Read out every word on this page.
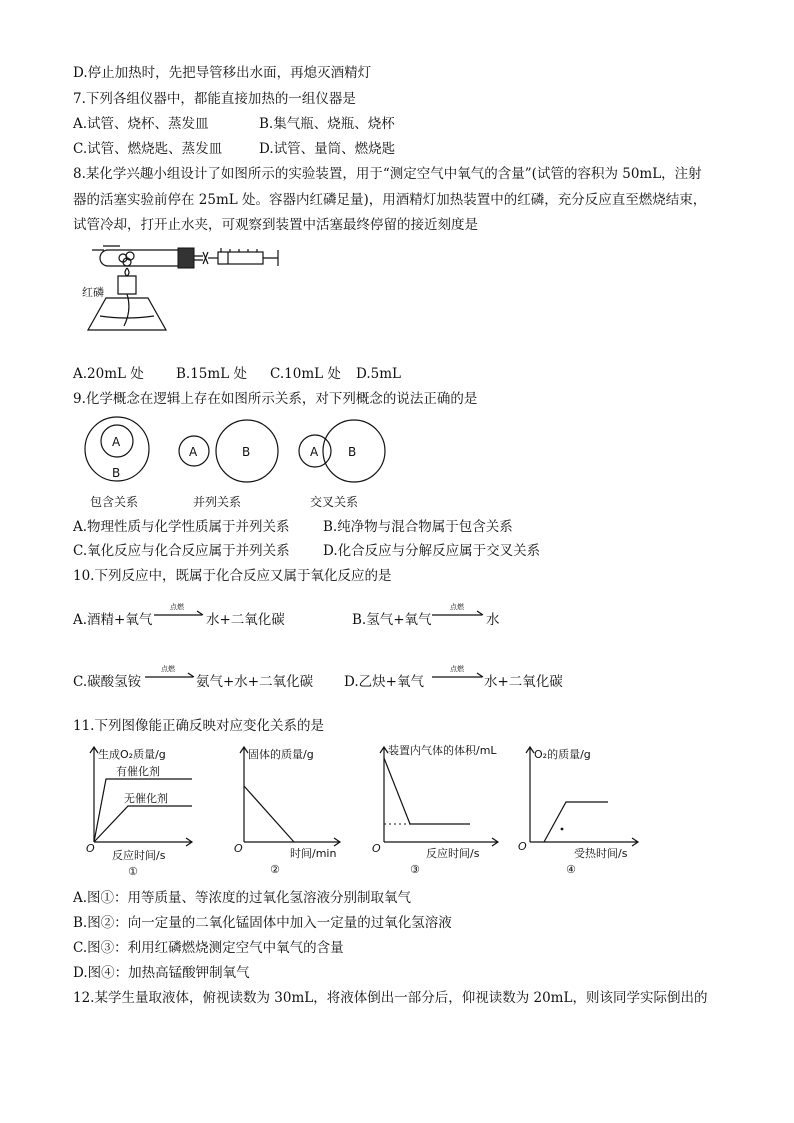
D.停止加热时，先把导管移出水面，再熄灭酒精灯
7.下列各组仪器中，都能直接加热的一组仪器是
A.试管、烧杯、蒸发皿	B.集气瓶、烧瓶、烧杯
C.试管、燃烧匙、蒸发皿	D.试管、量筒、燃烧匙
8.某化学兴趣小组设计了如图所示的实验装置，用于“测定空气中氧气的含量”(试管的容积为 50mL，注射
器的活塞实验前停在 25mL 处。容器内红磷足量)，用酒精灯加热装置中的红磷，充分反应直至燃烧结束，
试管冷却，打开止水夹，可观察到装置中活塞最终停留的接近刻度是
红磷
A.20mL 处 B.15mL 处 C.10mL 处 D.5mL
9.化学概念在逻辑上存在如图所示关系，对下列概念的说法正确的是
A
B
A	B	A B
包含关系	并列关系	交叉关系
A.物理性质与化学性质属于并列关系 B.纯净物与混合物属于包含关系
C.氧化反应与化合反应属于并列关系 D.化合反应与分解反应属于交叉关系
10.下列反应中，既属于化合反应又属于氧化反应的是
A.酒精+氧气
点燃
水+二氧化碳	B.氢气+氧气
点燃
水
C.碳酸氢铵
点燃
氨气+水+二氧化碳 D.乙炔+氧气
点燃
水+二氧化碳
11.下列图像能正确反映对应变化关系的是
生成O₂质量/g
有催化剂
无催化剂
O
反应时间/s
①
固体的质量/g
O	时间/min
②
装置内气体的体积/mL
O	反应时间/s
③
O₂的质量/g
O
受热时间/s
④
A.图①：用等质量、等浓度的过氧化氢溶液分别制取氧气
B.图②：向一定量的二氧化锰固体中加入一定量的过氧化氢溶液
C.图③：利用红磷燃烧测定空气中氧气的含量
D.图④：加热高锰酸钾制氧气
12.某学生量取液体，俯视读数为 30mL，将液体倒出一部分后，仰视读数为 20mL，则该同学实际倒出的
